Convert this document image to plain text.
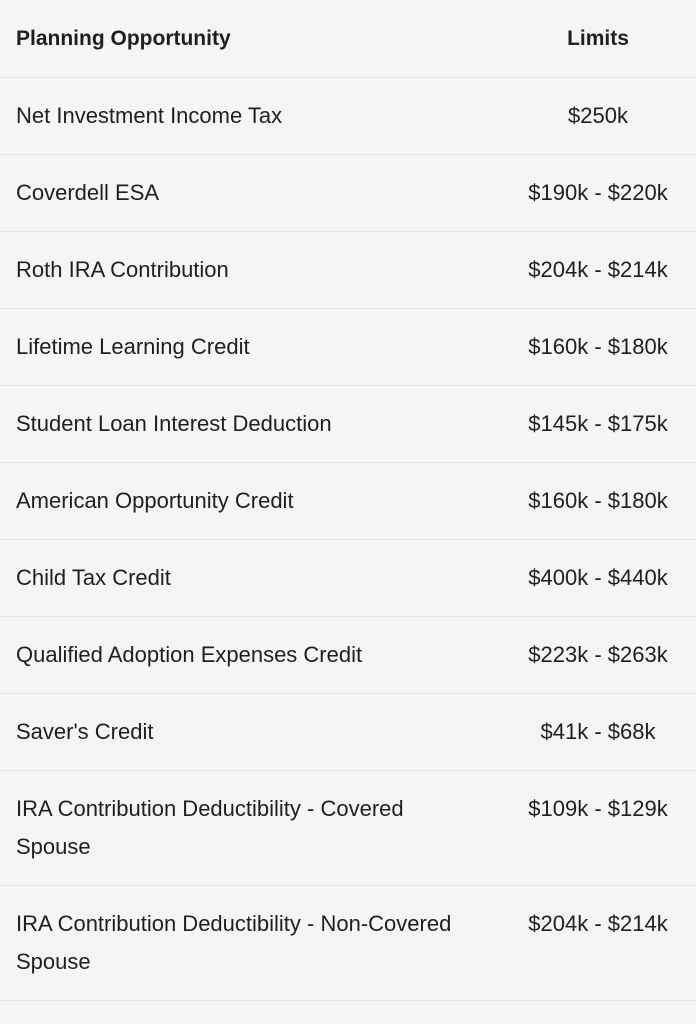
Planning Opportunity	Limits
Net Investment Income Tax	$250k
Coverdell ESA	$190k - $220k
Roth IRA Contribution	$204k - $214k
Lifetime Learning Credit	$160k - $180k
Student Loan Interest Deduction	$145k - $175k
American Opportunity Credit	$160k - $180k
Child Tax Credit	$400k - $440k
Qualified Adoption Expenses Credit	$223k - $263k
Saver's Credit	$41k - $68k
IRA Contribution Deductibility - Covered Spouse	$109k - $129k
IRA Contribution Deductibility - Non-Covered Spouse	$204k - $214k
